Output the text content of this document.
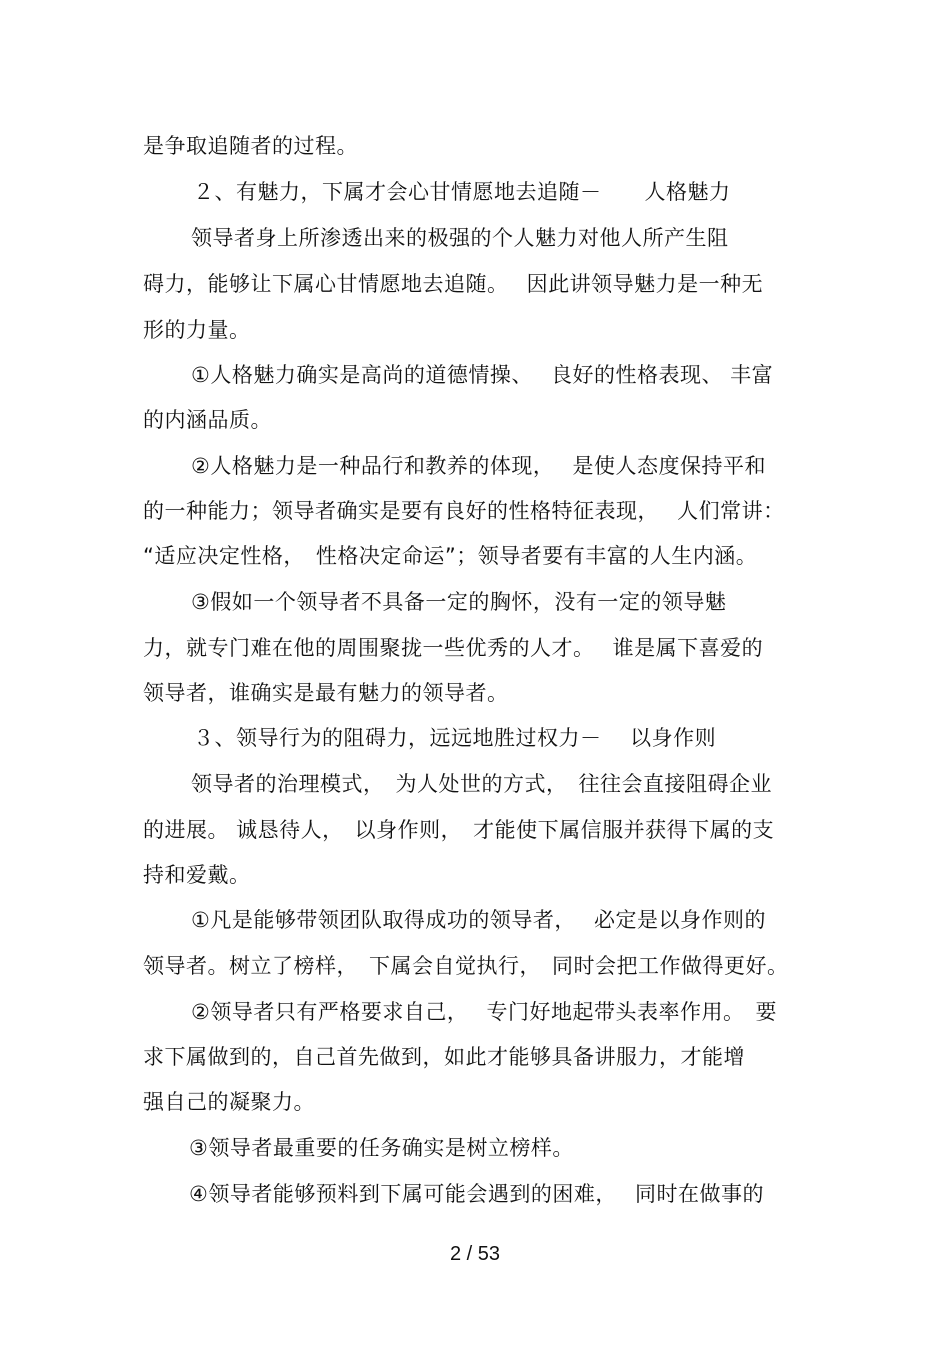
是争取追随者的过程。
２、有魅力，下属才会心甘情愿地去追随－　　人格魅力
领导者身上所渗透出来的极强的个人魅力对他人所产生阻
碍力，能够让下属心甘情愿地去追随。　 因此讲领导魅力是一种无
形的力量。
①人格魅力确实是高尚的道德情操、　 良好的性格表现、 丰富
的内涵品质。
②人格魅力是一种品行和教养的体现，　 是使人态度保持平和
的一种能力；领导者确实是要有良好的性格特征表现，　 人们常讲：
“适应决定性格，　性格决定命运”；领导者要有丰富的人生内涵。
③假如一个领导者不具备一定的胸怀，没有一定的领导魅
力，就专门难在他的周围聚拢一些优秀的人才。　 谁是属下喜爱的
领导者，谁确实是最有魅力的领导者。
３、领导行为的阻碍力，远远地胜过权力－　 以身作则
领导者的治理模式，　为人处世的方式，　往往会直接阻碍企业
的进展。 诚恳待人，　以身作则，　才能使下属信服并获得下属的支
持和爱戴。
①凡是能够带领团队取得成功的领导者，　 必定是以身作则的
领导者。树立了榜样，　下属会自觉执行，　同时会把工作做得更好。
②领导者只有严格要求自己，　 专门好地起带头表率作用。　要
求下属做到的，自己首先做到，如此才能够具备讲服力，才能增
强自己的凝聚力。
③领导者最重要的任务确实是树立榜样。
④领导者能够预料到下属可能会遇到的困难，　 同时在做事的
2 / 53
